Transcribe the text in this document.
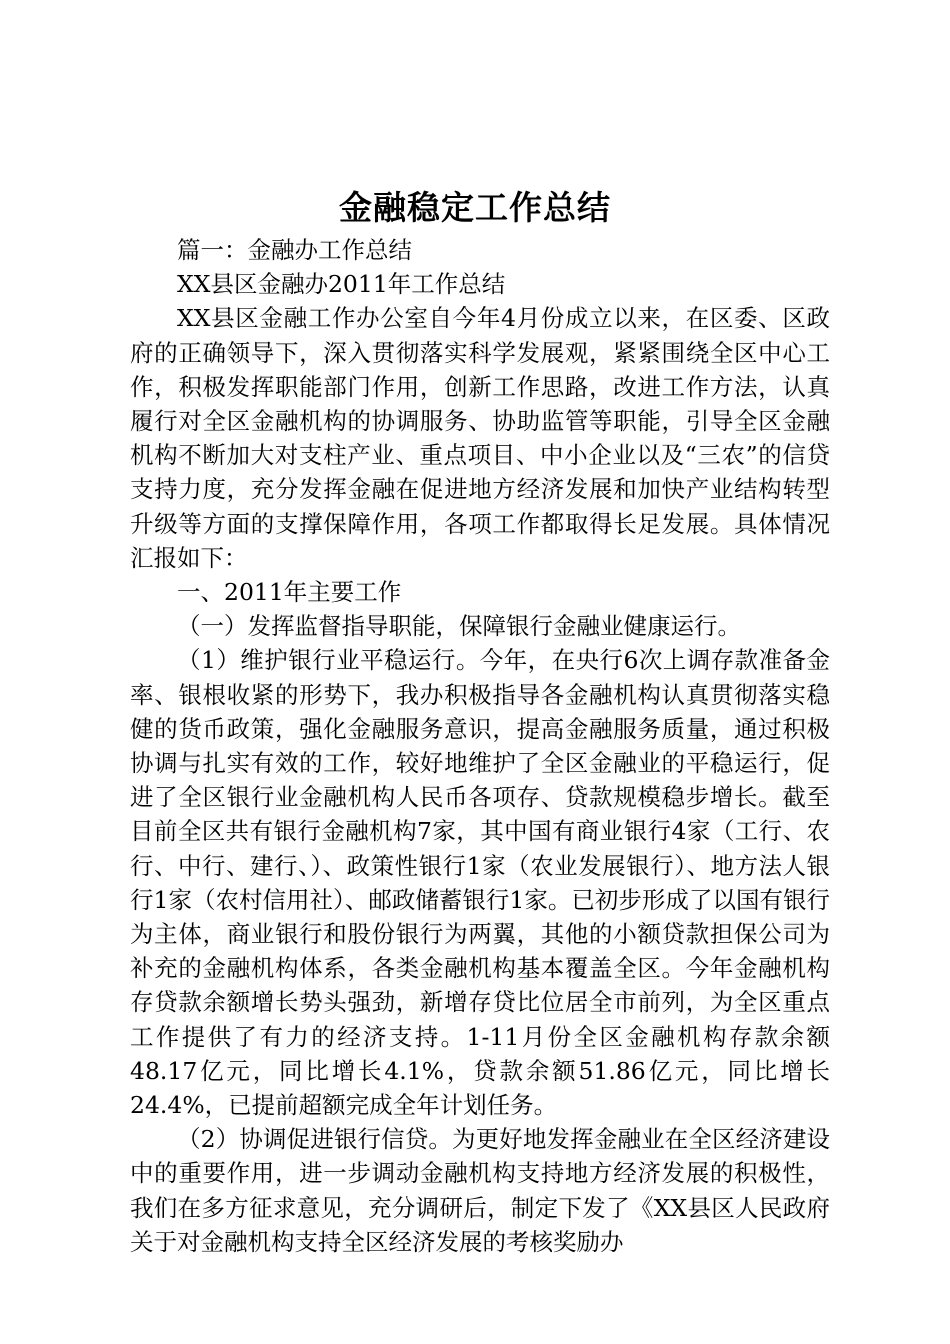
金融稳定工作总结

篇一：金融办工作总结

XX县区金融办2011年工作总结

XX县区金融工作办公室自今年4月份成立以来，在区委、区政府的正确领导下，深入贯彻落实科学发展观，紧紧围绕全区中心工作，积极发挥职能部门作用，创新工作思路，改进工作方法，认真履行对全区金融机构的协调服务、协助监管等职能，引导全区金融机构不断加大对支柱产业、重点项目、中小企业以及“三农”的信贷支持力度，充分发挥金融在促进地方经济发展和加快产业结构转型升级等方面的支撑保障作用，各项工作都取得长足发展。具体情况汇报如下：

一、2011年主要工作

（一）发挥监督指导职能，保障银行金融业健康运行。

（1）维护银行业平稳运行。今年，在央行6次上调存款准备金率、银根收紧的形势下，我办积极指导各金融机构认真贯彻落实稳健的货币政策，强化金融服务意识，提高金融服务质量，通过积极协调与扎实有效的工作，较好地维护了全区金融业的平稳运行，促进了全区银行业金融机构人民币各项存、贷款规模稳步增长。截至目前全区共有银行金融机构7家，其中国有商业银行4家（工行、农行、中行、建行、）、政策性银行1家（农业发展银行）、地方法人银行1家（农村信用社）、邮政储蓄银行1家。已初步形成了以国有银行为主体，商业银行和股份银行为两翼，其他的小额贷款担保公司为补充的金融机构体系，各类金融机构基本覆盖全区。今年金融机构存贷款余额增长势头强劲，新增存贷比位居全市前列，为全区重点工作提供了有力的经济支持。1-11月份全区金融机构存款余额48.17亿元，同比增长4.1%，贷款余额51.86亿元，同比增长24.4%，已提前超额完成全年计划任务。

（2）协调促进银行信贷。为更好地发挥金融业在全区经济建设中的重要作用，进一步调动金融机构支持地方经济发展的积极性，我们在多方征求意见，充分调研后，制定下发了《XX县区人民政府关于对金融机构支持全区经济发展的考核奖励办
